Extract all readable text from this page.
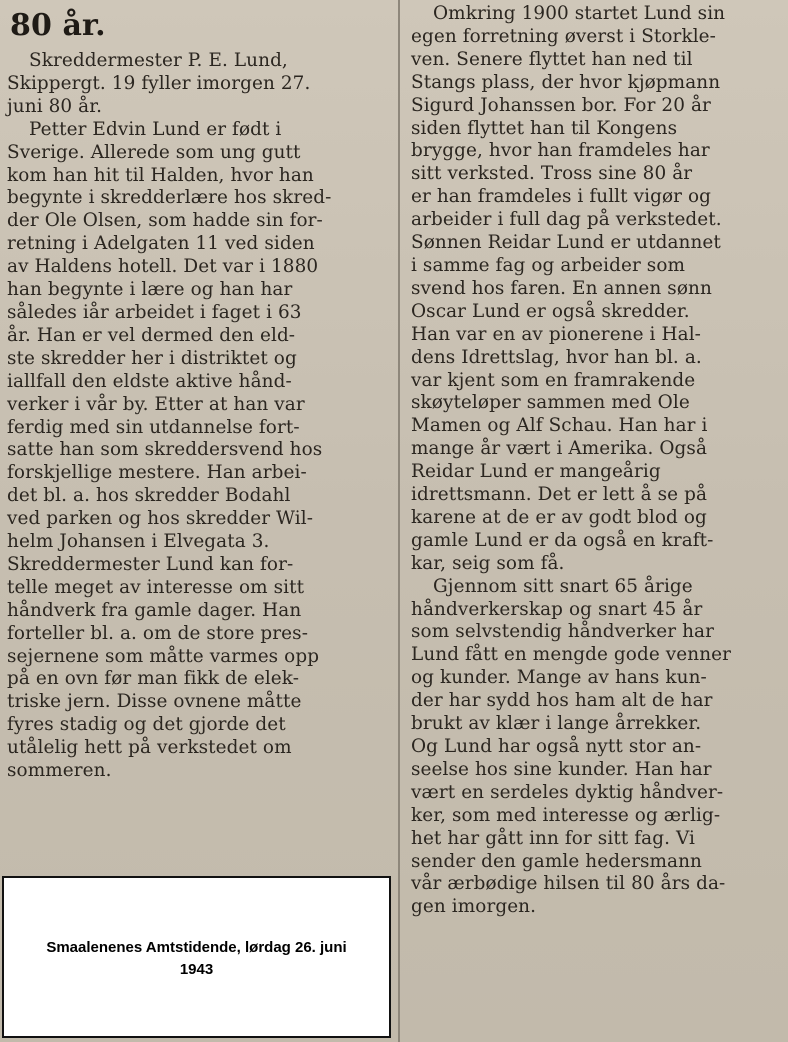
80 år.
Skreddermester P. E. Lund,
Skippergt. 19 fyller imorgen 27.
juni 80 år.
Petter Edvin Lund er født i
Sverige. Allerede som ung gutt
kom han hit til Halden, hvor han
begynte i skredderlære hos skred-
der Ole Olsen, som hadde sin for-
retning i Adelgaten 11 ved siden
av Haldens hotell. Det var i 1880
han begynte i lære og han har
således iår arbeidet i faget i 63
år. Han er vel dermed den eld-
ste skredder her i distriktet og
iallfall den eldste aktive hånd-
verker i vår by. Etter at han var
ferdig med sin utdannelse fort-
satte han som skreddersvend hos
forskjellige mestere. Han arbei-
det bl. a. hos skredder Bodahl
ved parken og hos skredder Wil-
helm Johansen i Elvegata 3.
Skreddermester Lund kan for-
telle meget av interesse om sitt
håndverk fra gamle dager. Han
forteller bl. a. om de store pres-
sejernene som måtte varmes opp
på en ovn før man fikk de elek-
triske jern. Disse ovnene måtte
fyres stadig og det gjorde det
utålelig hett på verkstedet om
sommeren.
Omkring 1900 startet Lund sin
egen forretning øverst i Storkle-
ven. Senere flyttet han ned til
Stangs plass, der hvor kjøpmann
Sigurd Johanssen bor. For 20 år
siden flyttet han til Kongens
brygge, hvor han framdeles har
sitt verksted. Tross sine 80 år
er han framdeles i fullt vigør og
arbeider i full dag på verkstedet.
Sønnen Reidar Lund er utdannet
i samme fag og arbeider som
svend hos faren. En annen sønn
Oscar Lund er også skredder.
Han var en av pionerene i Hal-
dens Idrettslag, hvor han bl. a.
var kjent som en framrakende
skøyteløper sammen med Ole
Mamen og Alf Schau. Han har i
mange år vært i Amerika. Også
Reidar Lund er mangeårig
idrettsmann. Det er lett å se på
karene at de er av godt blod og
gamle Lund er da også en kraft-
kar, seig som få.
Gjennom sitt snart 65 årige
håndverkerskap og snart 45 år
som selvstendig håndverker har
Lund fått en mengde gode venner
og kunder. Mange av hans kun-
der har sydd hos ham alt de har
brukt av klær i lange årrekker.
Og Lund har også nytt stor an-
seelse hos sine kunder. Han har
vært en serdeles dyktig håndver-
ker, som med interesse og ærlig-
het har gått inn for sitt fag. Vi
sender den gamle hedersmann
vår ærbødige hilsen til 80 års da-
gen imorgen.
Smaalenenes Amtstidende, lørdag 26. juni
1943
